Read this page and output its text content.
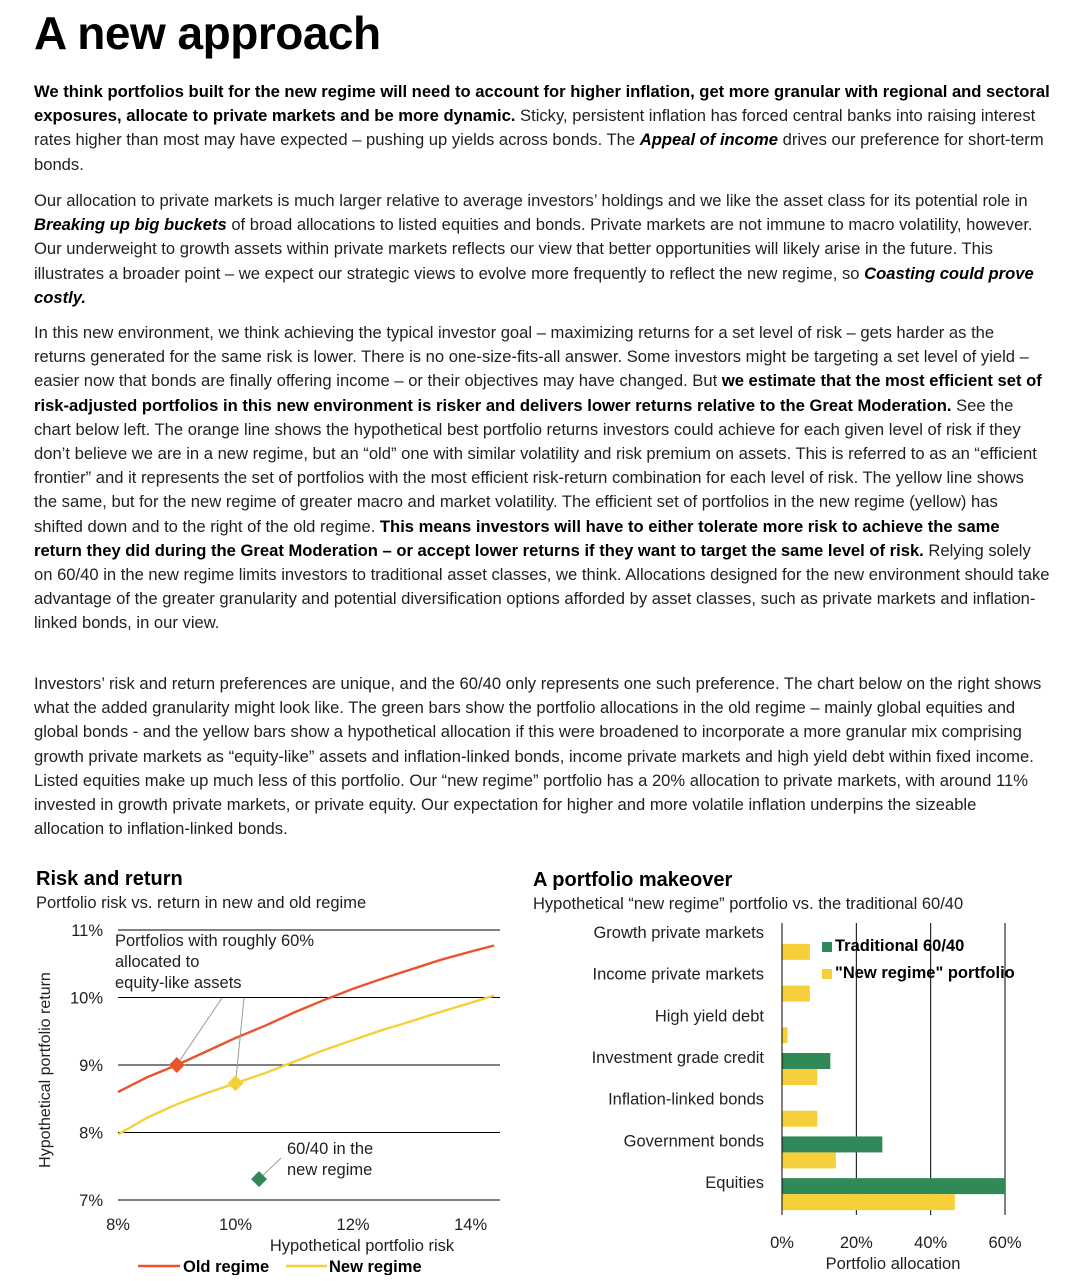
A new approach

We think portfolios built for the new regime will need to account for higher inflation, get more granular with regional and sectoral exposures, allocate to private markets and be more dynamic. Sticky, persistent inflation has forced central banks into raising interest rates higher than most may have expected – pushing up yields across bonds. The Appeal of income drives our preference for short-term bonds.

Our allocation to private markets is much larger relative to average investors’ holdings and we like the asset class for its potential role in Breaking up big buckets of broad allocations to listed equities and bonds. Private markets are not immune to macro volatility, however. Our underweight to growth assets within private markets reflects our view that better opportunities will likely arise in the future. This illustrates a broader point – we expect our strategic views to evolve more frequently to reflect the new regime, so Coasting could prove costly.

In this new environment, we think achieving the typical investor goal – maximizing returns for a set level of risk – gets harder as the returns generated for the same risk is lower. There is no one-size-fits-all answer. Some investors might be targeting a set level of yield – easier now that bonds are finally offering income – or their objectives may have changed. But we estimate that the most efficient set of risk-adjusted portfolios in this new environment is risker and delivers lower returns relative to the Great Moderation. See the chart below left. The orange line shows the hypothetical best portfolio returns investors could achieve for each given level of risk if they don’t believe we are in a new regime, but an “old” one with similar volatility and risk premium on assets. This is referred to as an “efficient frontier” and it represents the set of portfolios with the most efficient risk-return combination for each level of risk. The yellow line shows the same, but for the new regime of greater macro and market volatility. The efficient set of portfolios in the new regime (yellow) has shifted down and to the right of the old regime. This means investors will have to either tolerate more risk to achieve the same return they did during the Great Moderation – or accept lower returns if they want to target the same level of risk. Relying solely on 60/40 in the new regime limits investors to traditional asset classes, we think. Allocations designed for the new environment should take advantage of the greater granularity and potential diversification options afforded by asset classes, such as private markets and inflation-linked bonds, in our view.

Investors’ risk and return preferences are unique, and the 60/40 only represents one such preference. The chart below on the right shows what the added granularity might look like. The green bars show the portfolio allocations in the old regime – mainly global equities and global bonds - and the yellow bars show a hypothetical allocation if this were broadened to incorporate a more granular mix comprising growth private markets as “equity-like” assets and inflation-linked bonds, income private markets and high yield debt within fixed income. Listed equities make up much less of this portfolio. Our “new regime” portfolio has a 20% allocation to private markets, with around 11% invested in growth private markets, or private equity. Our expectation for higher and more volatile inflation underpins the sizeable allocation to inflation-linked bonds.

Risk and return

Portfolio risk vs. return in new and old regime

7%
8%
9%
10%
11%
8%	10%	12%	14%
Hypothetical portfolio risk
Hypothetical portfolio return
Portfolios with roughly 60%
allocated to
equity-like assets
60/40 in the
new regime
Old regime	New regime
A portfolio makeover

Hypothetical “new regime” portfolio vs. the traditional 60/40

0%	20%	40%	60%
Portfolio allocation
Growth private markets
Income private markets
High yield debt
Investment grade credit
Inflation-linked bonds
Government bonds
Equities
Traditional 60/40
"New regime" portfolio
